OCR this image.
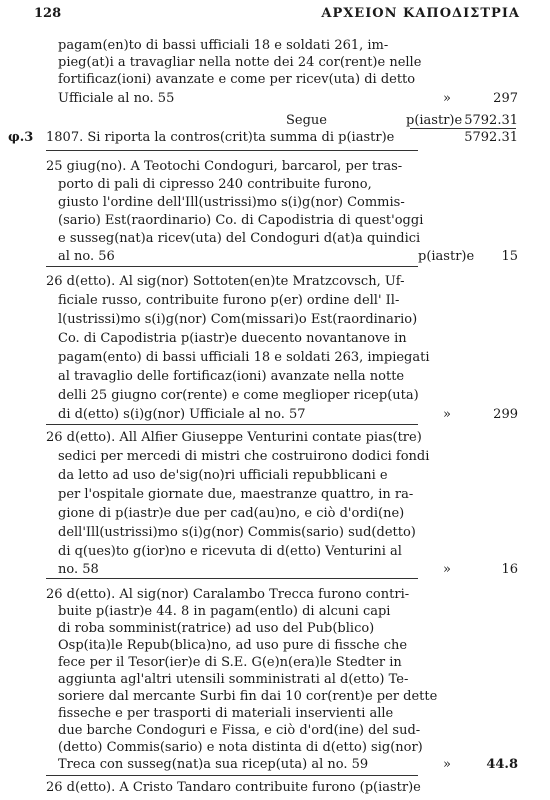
128	ΑΡΧΕΙΟΝ ΚΑΠΟΔΙΣΤΡΙΑ
pagam(en)to di bassi ufficiali 18 e soldati 261, im-
pieg(at)i a travagliar nella notte dei 24 cor(rent)e nelle
fortificaz(ioni) avanzate e come per ricev(uta) di detto
Ufficiale al no. 55	»	297
Segue	p(iastr)e 5792.31
φ.3 1807. Si riporta la contros(crit)ta summa di p(iastr)e	5792.31
25 giug(no). A Teotochi Condoguri, barcarol, per tras-
porto di pali di cipresso 240 contribuite furono,
giusto l'ordine dell'Ill(ustrissi)mo s(i)g(nor) Commis-
(sario) Est(raordinario) Co. di Capodistria di quest'oggi
e susseg(nat)a ricev(uta) del Condoguri d(at)a quindici
al no. 56	p(iastr)e 15
26 d(etto). Al sig(nor) Sottoten(en)te Mratzcovsch, Uf-
ficiale russo, contribuite furono p(er) ordine dell' Il-
l(ustrissi)mo s(i)g(nor) Com(missari)o Est(raordinario)
Co. di Capodistria p(iastr)e duecento novantanove in
pagam(ento) di bassi ufficiali 18 e soldati 263, impiegati
al travaglio delle fortificaz(ioni) avanzate nella notte
delli 25 giugno cor(rente) e come meglioper ricep(uta)
di d(etto) s(i)g(nor) Ufficiale al no. 57	»	299
26 d(etto). All Alfier Giuseppe Venturini contate pias(tre)
sedici per mercedi di mistri che costruirono dodici fondi
da letto ad uso de'sig(no)ri ufficiali repubblicani e
per l'ospitale giornate due, maestranze quattro, in ra-
gione di p(iastr)e due per cad(au)no, e ciò d'ordi(ne)
dell'Ill(ustrissi)mo s(i)g(nor) Commis(sario) sud(detto)
di q(ues)to g(ior)no e ricevuta di d(etto) Venturini al
no. 58	»	16
26 d(etto). Al sig(nor) Caralambo Trecca furono contri-
buite p(iastr)e 44. 8 in pagam(entlo) di alcuni capi
di roba somminist(ratrice) ad uso del Pub(blico)
Osp(ita)le Repub(blica)no, ad uso pure di fissche che
fece per il Tesor(ier)e di S.E. G(e)n(era)le Stedter in
aggiunta agl'altri utensili somministrati al d(etto) Te-
soriere dal mercante Surbi fin dai 10 cor(rent)e per dette
fisseche e per trasporti di materiali inservienti alle
due barche Condoguri e Fissa, e ciò d'ord(ine) del sud-
(detto) Commis(sario) e nota distinta di d(etto) sig(nor)
Treca con susseg(nat)a sua ricep(uta) al no. 59	»	44.8
26 d(etto). A Cristo Tandaro contribuite furono (p(iastr)e
